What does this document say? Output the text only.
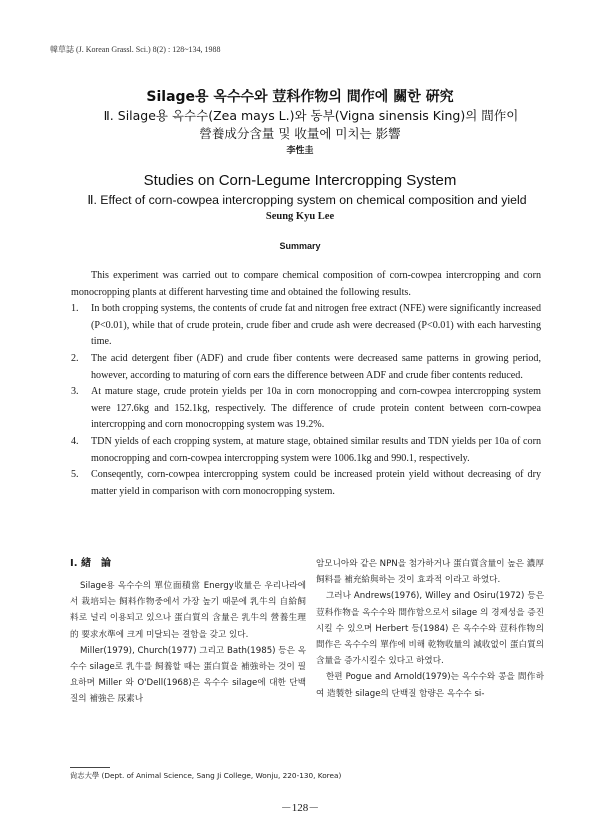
韓草誌 (J. Korean Grassl. Sci.) 8(2) : 128~134, 1988
Silage용 옥수수와 荳科作物의 間作에 關한 硏究
Ⅱ. Silage용 옥수수(Zea mays L.)와 동부(Vigna sinensis King)의 間作이
營養成分含量 및 收量에 미치는 影響
李性圭
Studies on Corn-Legume Intercropping System
Ⅱ. Effect of corn-cowpea intercropping system on chemical composition and yield
Seung Kyu Lee
Summary

This experiment was carried out to compare chemical composition of corn-cowpea intercropping and corn monocropping plants at different harvesting time and obtained the following results.

1. In both cropping systems, the contents of crude fat and nitrogen free extract (NFE) were significantly increased (P<0.01), while that of crude protein, crude fiber and crude ash were decreased (P<0.01) with each harvesting time.
2. The acid detergent fiber (ADF) and crude fiber contents were decreased same patterns in growing period, however, according to maturing of corn ears the difference between ADF and crude fiber contents reduced.
3. At mature stage, crude protein yields per 10a in corn monocropping and corn-cowpea intercropping system were 127.6kg and 152.1kg, respectively. The difference of crude protein content between corn-cowpea intercropping and corn monocropping system was 19.2%.
4. TDN yields of each cropping system, at mature stage, obtained similar results and TDN yields per 10a of corn monocropping and corn-cowpea intercropping system were 1006.1kg and 990.1, respectively.
5. Conseqently, corn-cowpea intercropping system could be increased protein yield without decreasing of dry matter yield in comparison with corn monocropping system.
Ⅰ. 緖　論

Silage용 옥수수의 單位面積當 Energy收量은 우리나라에서 栽培되는 飼料作物중에서 가장 높기 때문에 乳牛의 自給飼料로 널리 이용되고 있으나 蛋白質의 含量은 乳牛의 營養生理的 要求水準에 크게 미달되는 결함을 갖고 있다.

Miller(1979), Church(1977) 그리고 Bath(1985) 등은 옥수수 silage로 乳牛를 飼養할 때는 蛋白質을 補強하는 것이 필요하며 Miller 와 O'Dell(1968)은 옥수수 silage에 대한 단백질의 補強은 尿素나

암모니아와 같은 NPN을 첨가하거나 蛋白質含量이 높은 濃厚飼料를 補充給與하는 것이 효과적 이라고 하였다.

그러나 Andrews(1976), Willey and Osiru(1972) 등은 荳科作物을 옥수수와 間作함으로서 silage 의 경제성을 증진시킬 수 있으며 Herbert 등(1984) 은 옥수수와 荳科作物의 間作은 옥수수의 單作에 비해 乾物收量의 減收없이 蛋白質의 含量을 증가시킬수 있다고 하였다.

한편 Pogue and Arnold(1979)는 옥수수와 콩을 間作하여 造製한 silage의 단백질 함량은 옥수수 si-

尙志大學 (Dept. of Animal Science, Sang Ji College, Wonju, 220-130, Korea)
－128－
